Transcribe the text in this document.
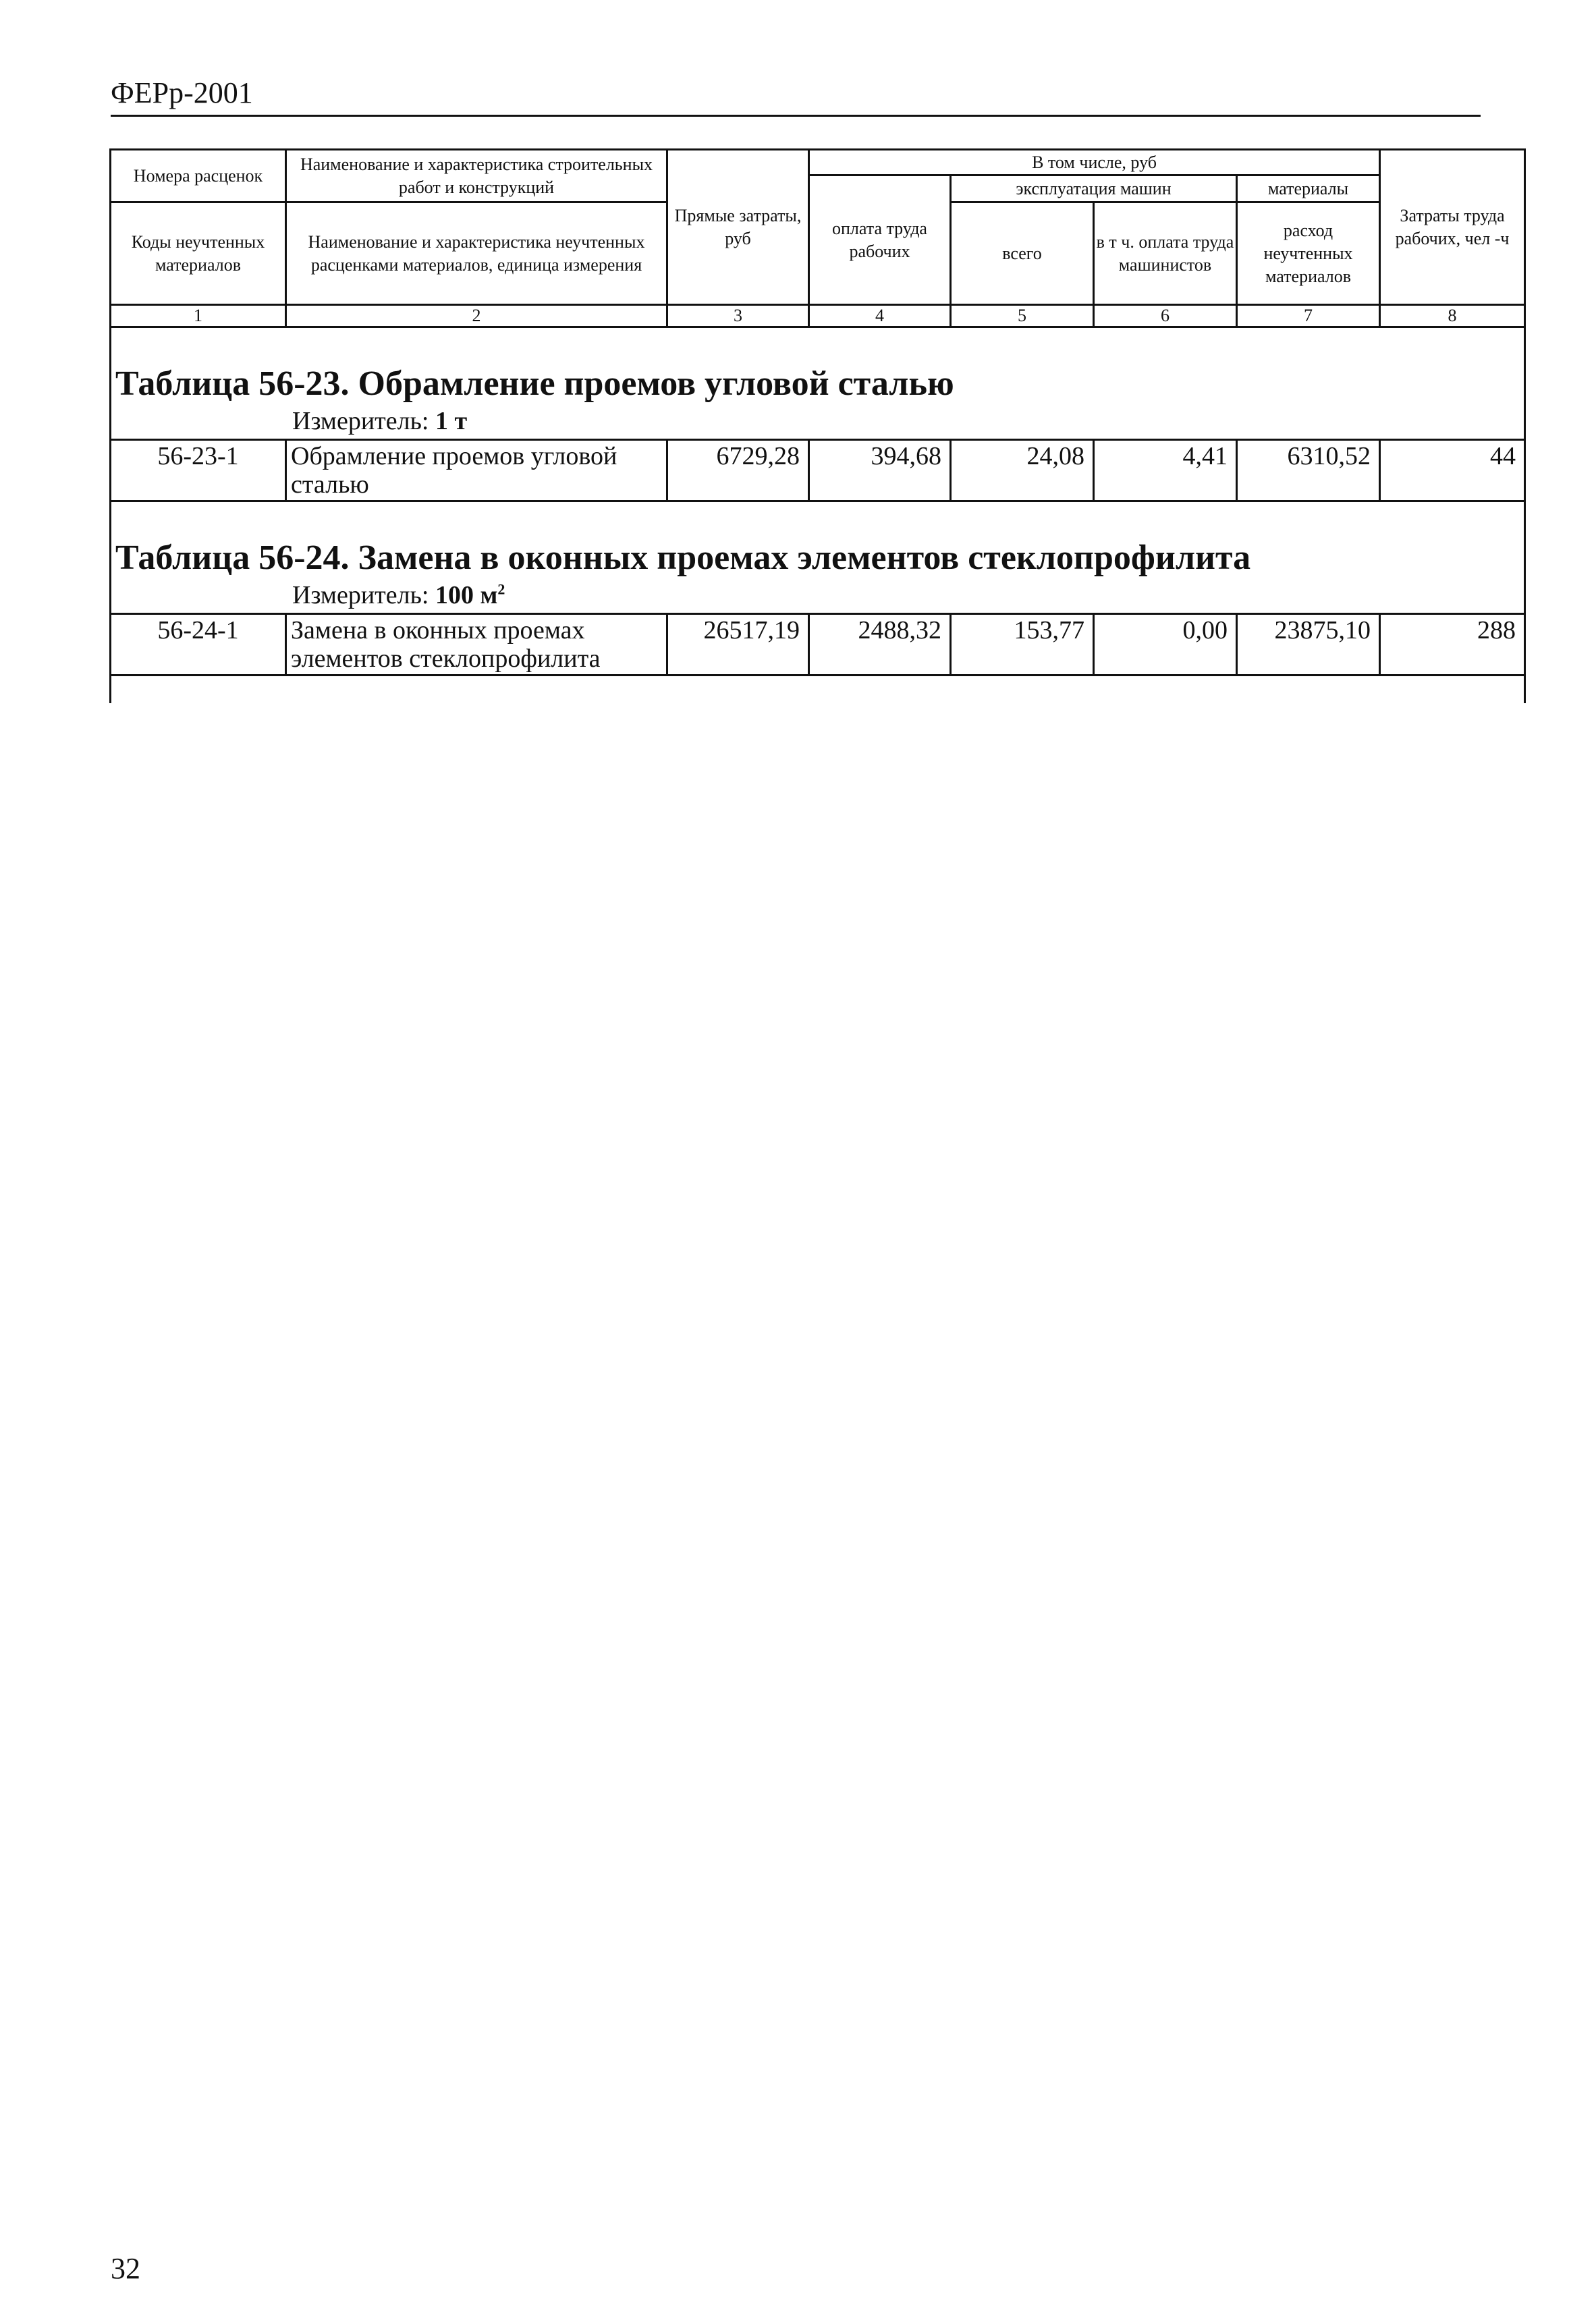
ФЕРр-2001
Номера расценок	Наименование и характеристика строительных работ и конструкций	Прямые затраты, руб	В том числе, руб				Затраты труда рабочих, чел -ч
			оплата труда рабочих	эксплуатация машин		материалы	
Коды неучтенных материалов	Наименование и характеристика неучтенных расценками материалов, единица измерения			всего	в т ч. оплата труда машинистов	расход неучтенных материалов	

1	2	3	4	5	6	7	8

Таблица 56-23. Обрамление проемов угловой сталью
Измеритель: 1 т							

56-23-1	Обрамление проемов угловой сталью	6729,28	394,68	24,08	4,41	6310,52	44

Таблица 56-24. Замена в оконных проемах элементов стеклопрофилита
Измеритель: 100 $м^2$

56-24-1	Замена в оконных проемах элементов стеклопрофилита	26517,19	2488,32	153,77	0,00	23875,10	288

32
